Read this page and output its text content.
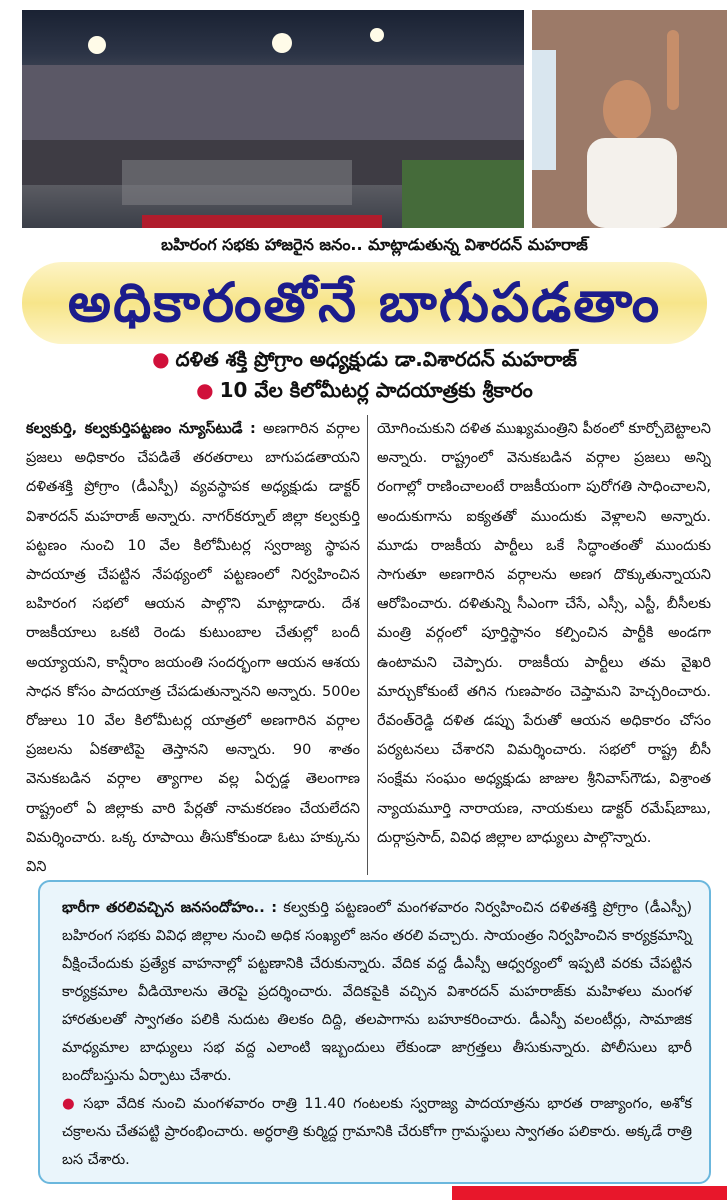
బహిరంగ సభకు హాజరైన జనం.. మాట్లాడుతున్న విశారదన్ మహరాజ్
అధికారంతోనే బాగుపడతాం
● దళిత శక్తి ప్రోగ్రాం అధ్యక్షుడు డా.విశారదన్ మహరాజ్
● 10 వేల కిలోమీటర్ల పాదయాత్రకు శ్రీకారం
కల్వకుర్తి, కల్వకుర్తిపట్టణం న్యూస్‌టుడే : అణగారిన వర్గాల ప్రజలు అధికారం చేపడితే తరతరాలు బాగుపడతాయని దళితశక్తి ప్రోగ్రాం (డీఎస్పీ) వ్యవస్థాపక అధ్యక్షుడు డాక్టర్ విశారదన్ మహరాజ్ అన్నారు. నాగర్‌కర్నూల్ జిల్లా కల్వకుర్తి పట్టణం నుంచి 10 వేల కిలోమీటర్ల స్వరాజ్య స్థాపన పాదయాత్ర చేపట్టిన నేపథ్యంలో పట్టణంలో నిర్వహించిన బహిరంగ సభలో ఆయన పాల్గొని మాట్లాడారు. దేశ రాజకీయాలు ఒకటి రెండు కుటుంబాల చేతుల్లో బందీ అయ్యాయని, కాన్షీరాం జయంతి సందర్భంగా ఆయన ఆశయ సాధన కోసం పాదయాత్ర చేపడుతున్నానని అన్నారు. 500ల రోజులు 10 వేల కిలోమీటర్ల యాత్రలో అణగారిన వర్గాల ప్రజలను ఏకతాటిపై తెస్తానని అన్నారు. 90 శాతం వెనుకబడిన వర్గాల త్యాగాల వల్ల ఏర్పడ్డ తెలంగాణ రాష్ట్రంలో ఏ జిల్లాకు వారి పేర్లతో నామకరణం చేయలేదని విమర్శించారు. ఒక్క రూపాయి తీసుకోకుండా ఓటు హక్కును విని
యోగించుకుని దళిత ముఖ్యమంత్రిని పీఠంలో కూర్చోబెట్టాలని అన్నారు. రాష్ట్రంలో వెనుకబడిన వర్గాల ప్రజలు అన్ని రంగాల్లో రాణించాలంటే రాజకీయంగా పురోగతి సాధించాలని, అందుకుగాను ఐక్యతతో ముందుకు వెళ్లాలని అన్నారు. మూడు రాజకీయ పార్టీలు ఒకే సిద్ధాంతంతో ముందుకు సాగుతూ అణగారిన వర్గాలను అణగ దొక్కుతున్నాయని ఆరోపించారు. దళితున్ని సీఎంగా చేసే, ఎస్సీ, ఎస్టీ, బీసీలకు మంత్రి వర్గంలో పూర్తిస్థానం కల్పించిన పార్టీకి అండగా ఉంటామని చెప్పారు. రాజకీయ పార్టీలు తమ వైఖరి మార్చుకోకుంటే తగిన గుణపాఠం చెప్తామని హెచ్చరించారు. రేవంత్‌రెడ్డి దళిత డప్పు పేరుతో ఆయన అధికారం చోసం పర్యటనలు చేశారని విమర్శించారు. సభలో రాష్ట్ర బీసీ సంక్షేమ సంఘం అధ్యక్షుడు జాజుల శ్రీనివాస్‌గౌడు, విశ్రాంత న్యాయమూర్తి నారాయణ, నాయకులు డాక్టర్ రమేష్‌బాబు, దుర్గాప్రసాద్, వివిధ జిల్లాల బాధ్యులు పాల్గొన్నారు.
భారీగా తరలివచ్చిన జనసందోహం.. : కల్వకుర్తి పట్టణంలో మంగళవారం నిర్వహించిన దళితశక్తి ప్రోగ్రాం (డీఎస్పీ) బహిరంగ సభకు వివిధ జిల్లాల నుంచి అధిక సంఖ్యలో జనం తరలి వచ్చారు. సాయంత్రం నిర్వహించిన కార్యక్రమాన్ని వీక్షించేందుకు ప్రత్యేక వాహనాల్లో పట్టణానికి చేరుకున్నారు. వేదిక వద్ద డీఎస్పీ ఆధ్వర్యంలో ఇప్పటి వరకు చేపట్టిన కార్యక్రమాల వీడియోలను తెరపై ప్రదర్శించారు. వేదికపైకి వచ్చిన విశారదన్ మహరాజ్‌కు మహిళలు మంగళ హారతులతో స్వాగతం పలికి నుదుట తిలకం దిద్ది, తలపాగాను బహూకరించారు. డీఎస్పీ వలంటీర్లు, సామాజిక మాధ్యమాల బాధ్యులు సభ వద్ద ఎలాంటి ఇబ్బందులు లేకుండా జాగ్రత్తలు తీసుకున్నారు. పోలీసులు భారీ బందోబస్తును ఏర్పాటు చేశారు.
● సభా వేదిక నుంచి మంగళవారం రాత్రి 11.40 గంటలకు స్వరాజ్య పాదయాత్రను భారత రాజ్యాంగం, అశోక చక్రాలను చేతపట్టి ప్రారంభించారు. అర్ధరాత్రి కుర్మిద్ద గ్రామానికి చేరుకోగా గ్రామస్థులు స్వాగతం పలికారు. అక్కడే రాత్రి బస చేశారు.
